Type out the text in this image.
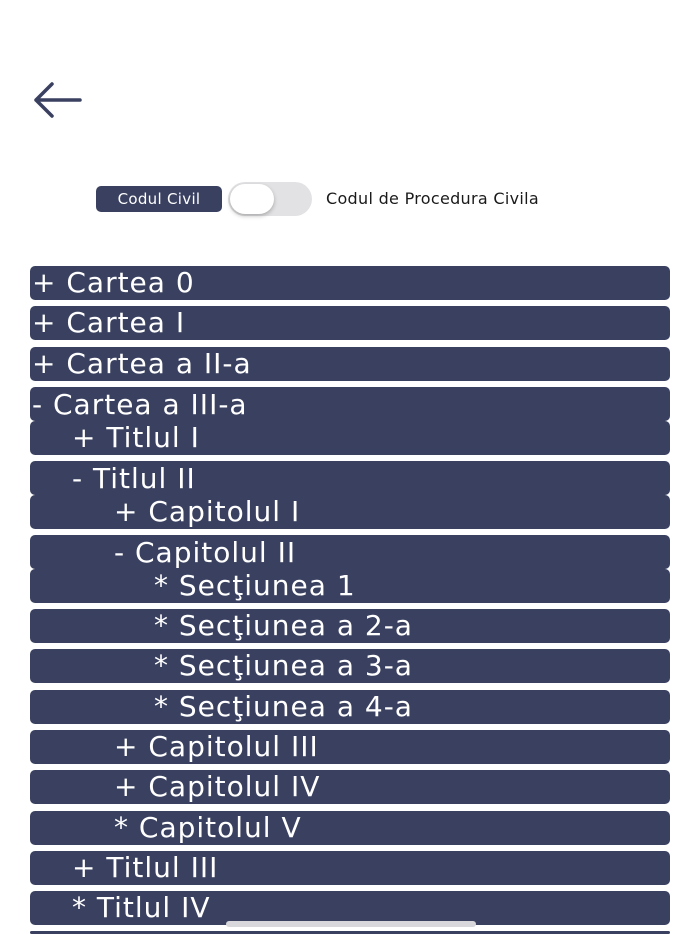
Codul Civil	Codul de Procedura Civila
+ Cartea 0
+ Cartea I
+ Cartea a II-a
- Cartea a III-a
+ Titlul I
- Titlul II
+ Capitolul I
- Capitolul II
* Secţiunea 1
* Secţiunea a 2-a
* Secţiunea a 3-a
* Secţiunea a 4-a
+ Capitolul III
+ Capitolul IV
* Capitolul V
+ Titlul III
* Titlul IV
